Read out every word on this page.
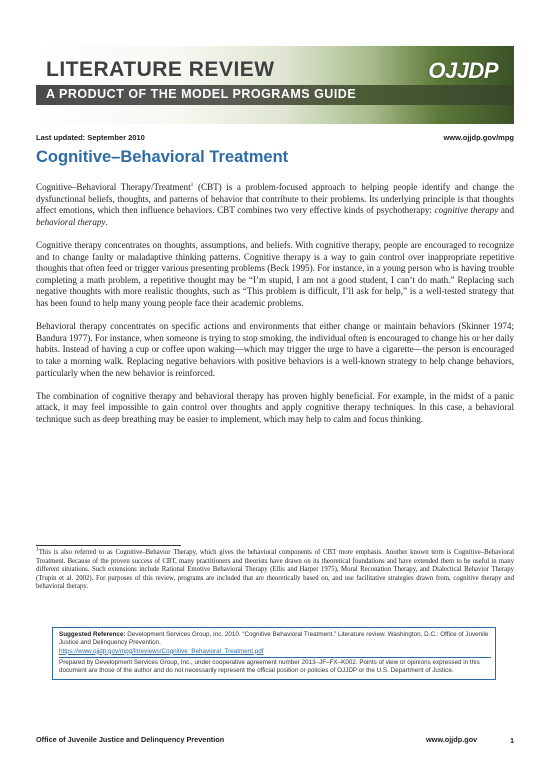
LITERATURE REVIEW
A PRODUCT OF THE MODEL PROGRAMS GUIDE
OJJDP
Last updated: September 2010	www.ojjdp.gov/mpg
Cognitive–Behavioral Treatment

Cognitive–Behavioral Therapy/Treatment$^1$ (CBT) is a problem-focused approach to helping people identify and change the dysfunctional beliefs, thoughts, and patterns of behavior that contribute to their problems. Its underlying principle is that thoughts affect emotions, which then influence behaviors. CBT combines two very effective kinds of psychotherapy: cognitive therapy and behavioral therapy.

Cognitive therapy concentrates on thoughts, assumptions, and beliefs. With cognitive therapy, people are encouraged to recognize and to change faulty or maladaptive thinking patterns. Cognitive therapy is a way to gain control over inappropriate repetitive thoughts that often feed or trigger various presenting problems (Beck 1995). For instance, in a young person who is having trouble completing a math problem, a repetitive thought may be “I’m stupid, I am not a good student, I can’t do math.” Replacing such negative thoughts with more realistic thoughts, such as “This problem is difficult, I’ll ask for help,” is a well-tested strategy that has been found to help many young people face their academic problems.

Behavioral therapy concentrates on specific actions and environments that either change or maintain behaviors (Skinner 1974; Bandura 1977). For instance, when someone is trying to stop smoking, the individual often is encouraged to change his or her daily habits. Instead of having a cup or coffee upon waking—which may trigger the urge to have a cigarette—the person is encouraged to take a morning walk. Replacing negative behaviors with positive behaviors is a well-known strategy to help change behaviors, particularly when the new behavior is reinforced.

The combination of cognitive therapy and behavioral therapy has proven highly beneficial. For example, in the midst of a panic attack, it may feel impossible to gain control over thoughts and apply cognitive therapy techniques. In this case, a behavioral technique such as deep breathing may be easier to implement, which may help to calm and focus thinking.

$^1$This is also referred to as Cognitive–Behavior Therapy, which gives the behavioral components of CBT more emphasis. Another known term is Cognitive–Behavioral Treatment. Because of the proven success of CBT, many practitioners and theorists have drawn on its theoretical foundations and have extended them to be useful in many different situations. Such extensions include Rational Emotive Behavioral Therapy (Ellis and Harper 1975), Moral Reconation Therapy, and Dialectical Behavior Therapy (Trupin et al. 2002). For purposes of this review, programs are included that are theoretically based on, and use facilitative strategies drawn from, cognitive therapy and behavioral therapy.
Suggested Reference: Development Services Group, Inc. 2010. “Cognitive Behavioral Treatment.” Literature review. Washington, D.C.: Office of Juvenile Justice and Delinquency Prevention.
https://www.ojjdp.gov/mpg/litreviews/Cognitive_Behavioral_Treatment.pdf
Prepared by Development Services Group, Inc., under cooperative agreement number 2013–JF–FX–K002. Points of view or opinions expressed in this document are those of the author and do not necessarily represent the official position or policies of OJJDP or the U.S. Department of Justice.
Office of Juvenile Justice and Delinquency Prevention	www.ojjdp.gov	1
